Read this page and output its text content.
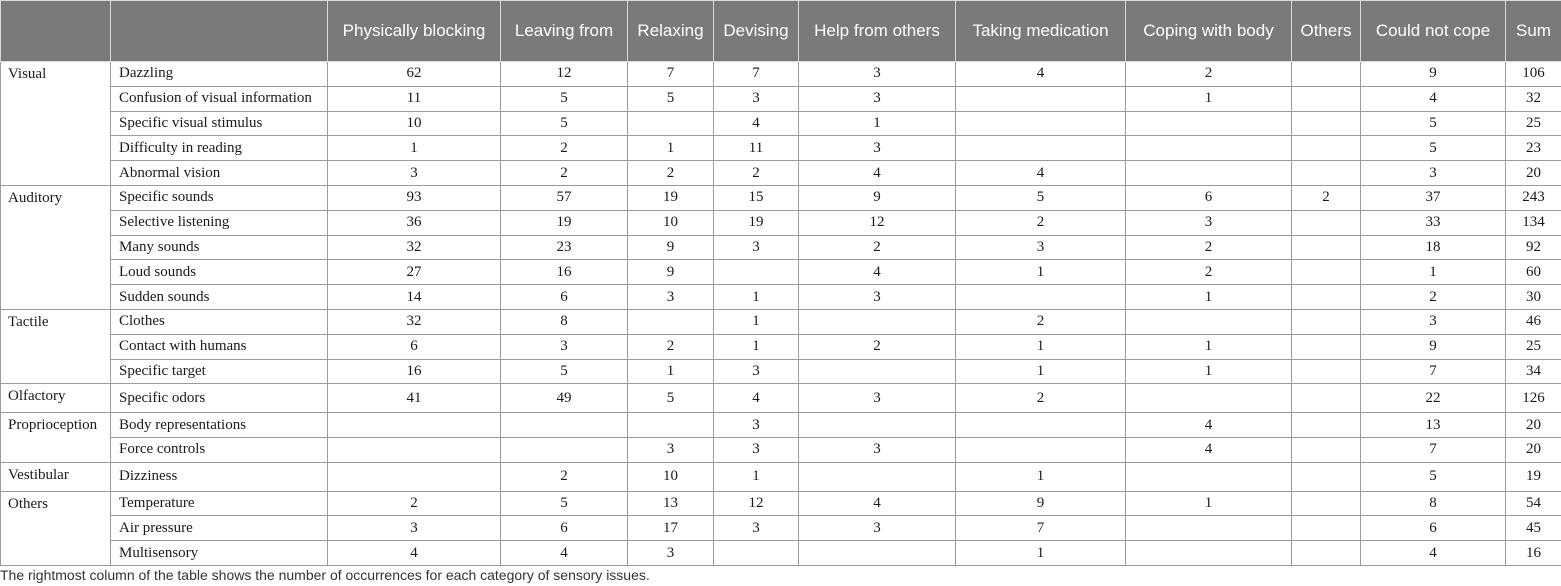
		Physically blocking	Leaving from	Relaxing	Devising	Help from others	Taking medication	Coping with body	Others	Could not cope	Sum
Visual	Dazzling	62	12	7	7	3	4	2		9	106
	Confusion of visual information	11	5	5	3	3		1		4	32
	Specific visual stimulus	10	5		4	1				5	25
	Difficulty in reading	1	2	1	11	3				5	23
	Abnormal vision	3	2	2	2	4	4			3	20
Auditory	Specific sounds	93	57	19	15	9	5	6	2	37	243
	Selective listening	36	19	10	19	12	2	3		33	134
	Many sounds	32	23	9	3	2	3	2		18	92
	Loud sounds	27	16	9		4	1	2		1	60
	Sudden sounds	14	6	3	1	3		1		2	30
Tactile	Clothes	32	8		1		2			3	46
	Contact with humans	6	3	2	1	2	1	1		9	25
	Specific target	16	5	1	3		1	1		7	34
Olfactory	Specific odors	41	49	5	4	3	2			22	126
Proprioception	Body representations				3			4		13	20
	Force controls			3	3	3		4		7	20
Vestibular	Dizziness		2	10	1		1			5	19
Others	Temperature	2	5	13	12	4	9	1		8	54
	Air pressure	3	6	17	3	3	7			6	45
	Multisensory	4	4	3			1			4	16
The rightmost column of the table shows the number of occurrences for each category of sensory issues.
